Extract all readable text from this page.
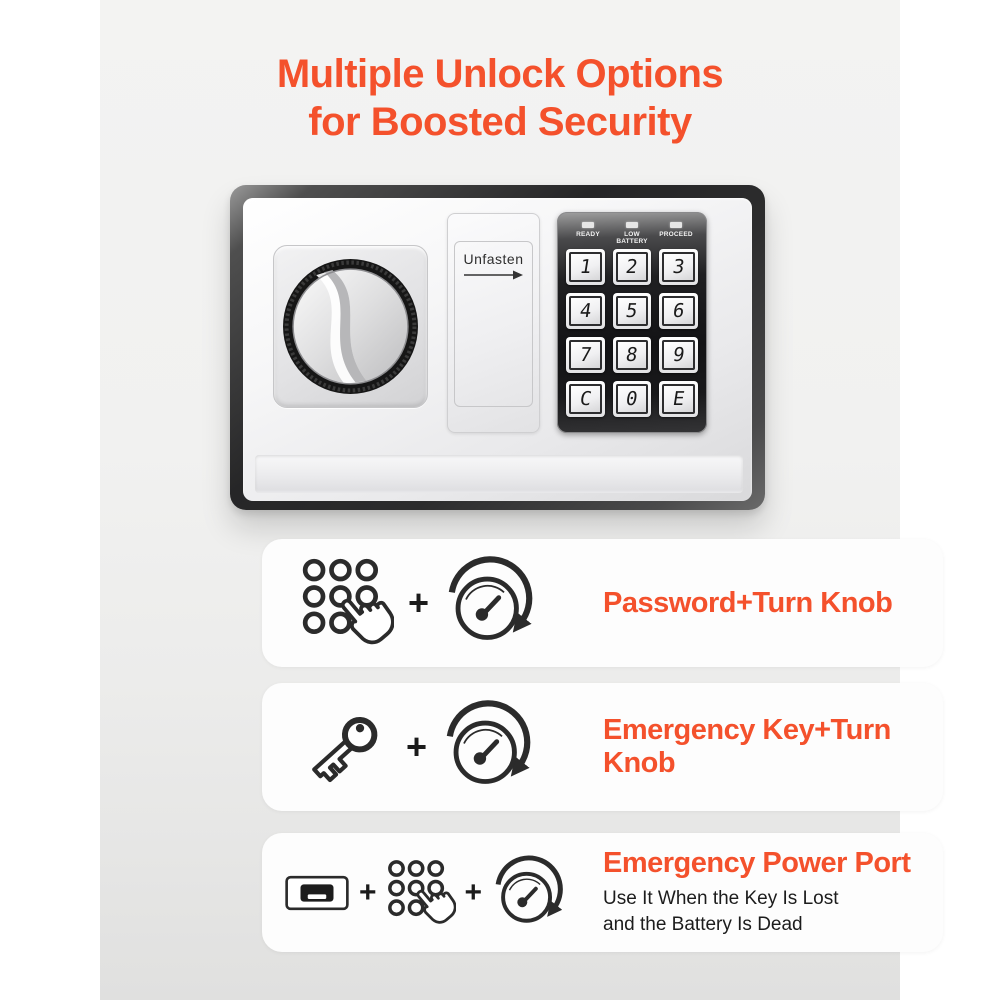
Multiple Unlock Options
for Boosted Security
Unfasten
READY	LOW BATTERY
PROCEED
1 2 3
4 5 6
7 8 9
C 0 E
+	Password+Turn Knob
+	Emergency Key+Turn Knob
+	+
Emergency Power Port
Use It When the Key Is Lost
and the Battery Is Dead
